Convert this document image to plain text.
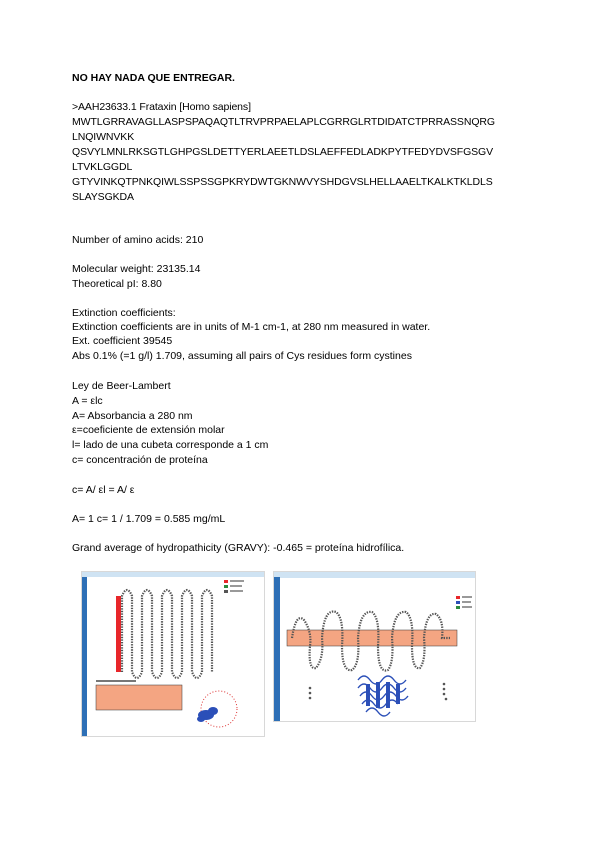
NO HAY NADA QUE ENTREGAR.
>AAH23633.1 Frataxin [Homo sapiens]
MWTLGRRAVAGLLASPSPAQAQTLTRVPRPAELAPLCGRRGLRTDIDATCTPRRASSNQRG
LNQIWNVKK
QSVYLMNLRKSGTLGHPGSLDETTYERLAEETLDSLAEFFEDLADKPYTFEDYDVSFGSGV
LTVKLGGDL
GTYVINKQTPNKQIWLSSPSSGPKRYDWTGKNWVYSHDGVSLHELLAAELTKALKTKLDLS
SLAYSGKDA
Number of amino acids: 210
Molecular weight: 23135.14
Theoretical pI: 8.80
Extinction coefficients:
Extinction coefficients are in units of M-1 cm-1, at 280 nm measured in water.
Ext. coefficient 39545
Abs 0.1% (=1 g/l) 1.709, assuming all pairs of Cys residues form cystines
Ley de Beer-Lambert
A = εlc
A= Absorbancia a 280 nm
ε=coeficiente de extensión molar
l= lado de una cubeta corresponde a 1 cm
c= concentración de proteína
c= A/ εl = A/ ε
A= 1 c= 1 / 1.709 = 0.585 mg/mL
Grand average of hydropathicity (GRAVY): -0.465 = proteína hidrofílica.
